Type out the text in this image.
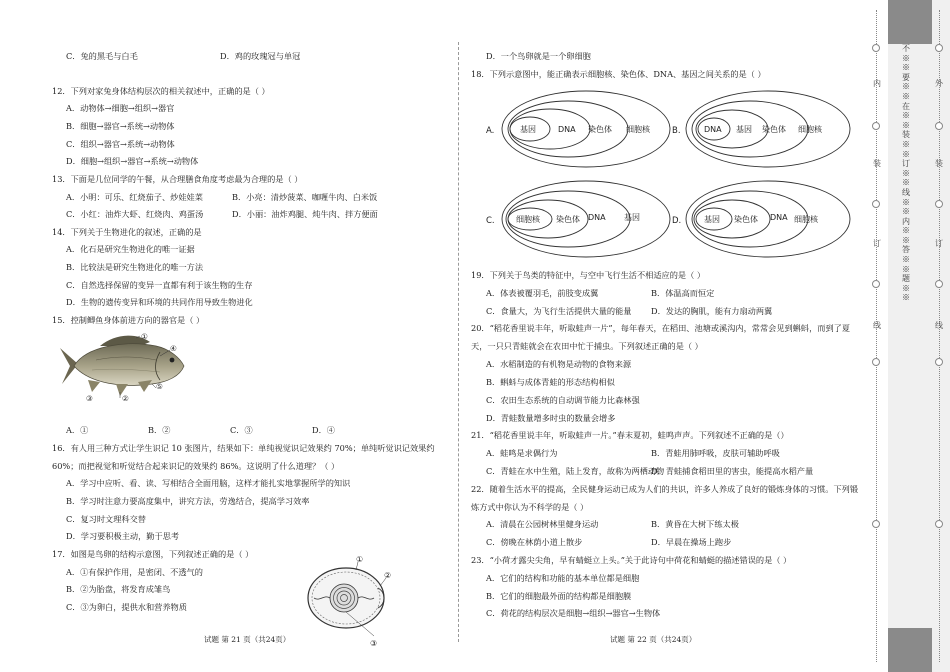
C．兔的黑毛与白毛	D．鸡的玫瑰冠与单冠
12．下列对家兔身体结构层次的相关叙述中，正确的是（ ）
A．动物体→细胞→组织→器官
B．细胞→器官→系统→动物体
C．组织→器官→系统→动物体
D．细胞→组织→器官→系统→动物体
13．下面是几位同学的午餐，从合理膳食角度考虑最为合理的是（ ）
A．小明：可乐、红烧茄子、炒娃娃菜	B．小亮：清炒菠菜、咖喱牛肉、白米饭
C．小红：油炸大虾、红烧肉、鸡蛋汤	D．小丽：油炸鸡腿、炖牛肉、拌方便面
14．下列关于生物进化的叙述，正确的是
A．化石是研究生物进化的唯一证据
B．比较法是研究生物进化的唯一方法
C．自然选择保留的变异一直都有利于该生物的生存
D．生物的遗传变异和环境的共同作用导致生物进化
15．控制鲫鱼身体前进方向的器官是（ ）
①
④
⑤
②
③
A．①	B．②	C．③	D．④
16．有人用三种方式让学生识记 10 张图片，结果如下：单纯视觉识记效果约 70%；单纯听觉识记效果约
60%；而把视觉和听觉结合起来识记的效果约 86%。这说明了什么道理？（ ）
A．学习中应听、看、读、写相结合全面用脑，这样才能扎实地掌握所学的知识
B．学习时注意力要高度集中，讲究方法，劳逸结合，提高学习效率
C．复习时文理科交替
D．学习要积极主动，勤于思考
17．如图是鸟卵的结构示意图，下列叙述正确的是（ ）
A．①有保护作用，是密闭、不透气的
B．②为胎盘，将发育成雏鸟
C．③为卵白，提供水和营养物质
①
②
③
D．一个鸟卵就是一个卵细胞
18．下列示意图中，能正确表示细胞核、染色体、DNA、基因之间关系的是（ ）
A.	基因	DNA 染色体 细胞核	B.	DNA 基因 染色体 细胞核
C.	细胞核 染色体 DNA 基因	D.	基因 染色体 DNA 细胞核
19．下列关于鸟类的特征中，与空中飞行生活不相适应的是（ ）
A．体表被覆羽毛，前肢变成翼	B．体温高而恒定
C．食量大，为飞行生活提供大量的能量 D．发达的胸肌，能有力扇动两翼
20．“稻花香里说丰年，听取蛙声一片”，每年春天，在稻田、池塘或溪沟内，常常会见到蝌蚪，而到了夏
天，一只只青蛙就会在农田中忙于捕虫。下列叙述正确的是（ ）
A．水稻制造的有机物是动物的食物来源
B．蝌蚪与成体青蛙的形态结构相似
C．农田生态系统的自动调节能力比森林强
D．青蛙数量增多时虫的数量会增多
21．“稻花香里说丰年，听取蛙声一片。”春末夏初，蛙鸣声声。下列叙述不正确的是（）
A．蛙鸣是求偶行为	B．青蛙用肺呼吸，皮肤可辅助呼吸
C．青蛙在水中生殖，陆上发育，故称为两栖动物
D．青蛙捕食稻田里的害虫，能提高水稻产量
22．随着生活水平的提高，全民健身运动已成为人们的共识，许多人养成了良好的锻炼身体的习惯。下列锻
炼方式中你认为不科学的是（ ）
A．清晨在公园树林里健身运动	B．黄昏在大树下练太极
C．傍晚在林荫小道上散步	D．早晨在操场上跑步
23．“小荷才露尖尖角，早有蜻蜓立上头。”关于此诗句中荷花和蜻蜓的描述错误的是（ ）
A．它们的结构和功能的基本单位都是细胞
B．它们的细胞最外面的结构都是细胞膜
C．荷花的结构层次是细胞→组织→器官→生物体
试题 第 21 页（共24页）	试题 第 22 页（共24页）
内
装
订
线
不※※要※※在※※装※※订※※线※※内※※答※※题※※
外
装
订
线
